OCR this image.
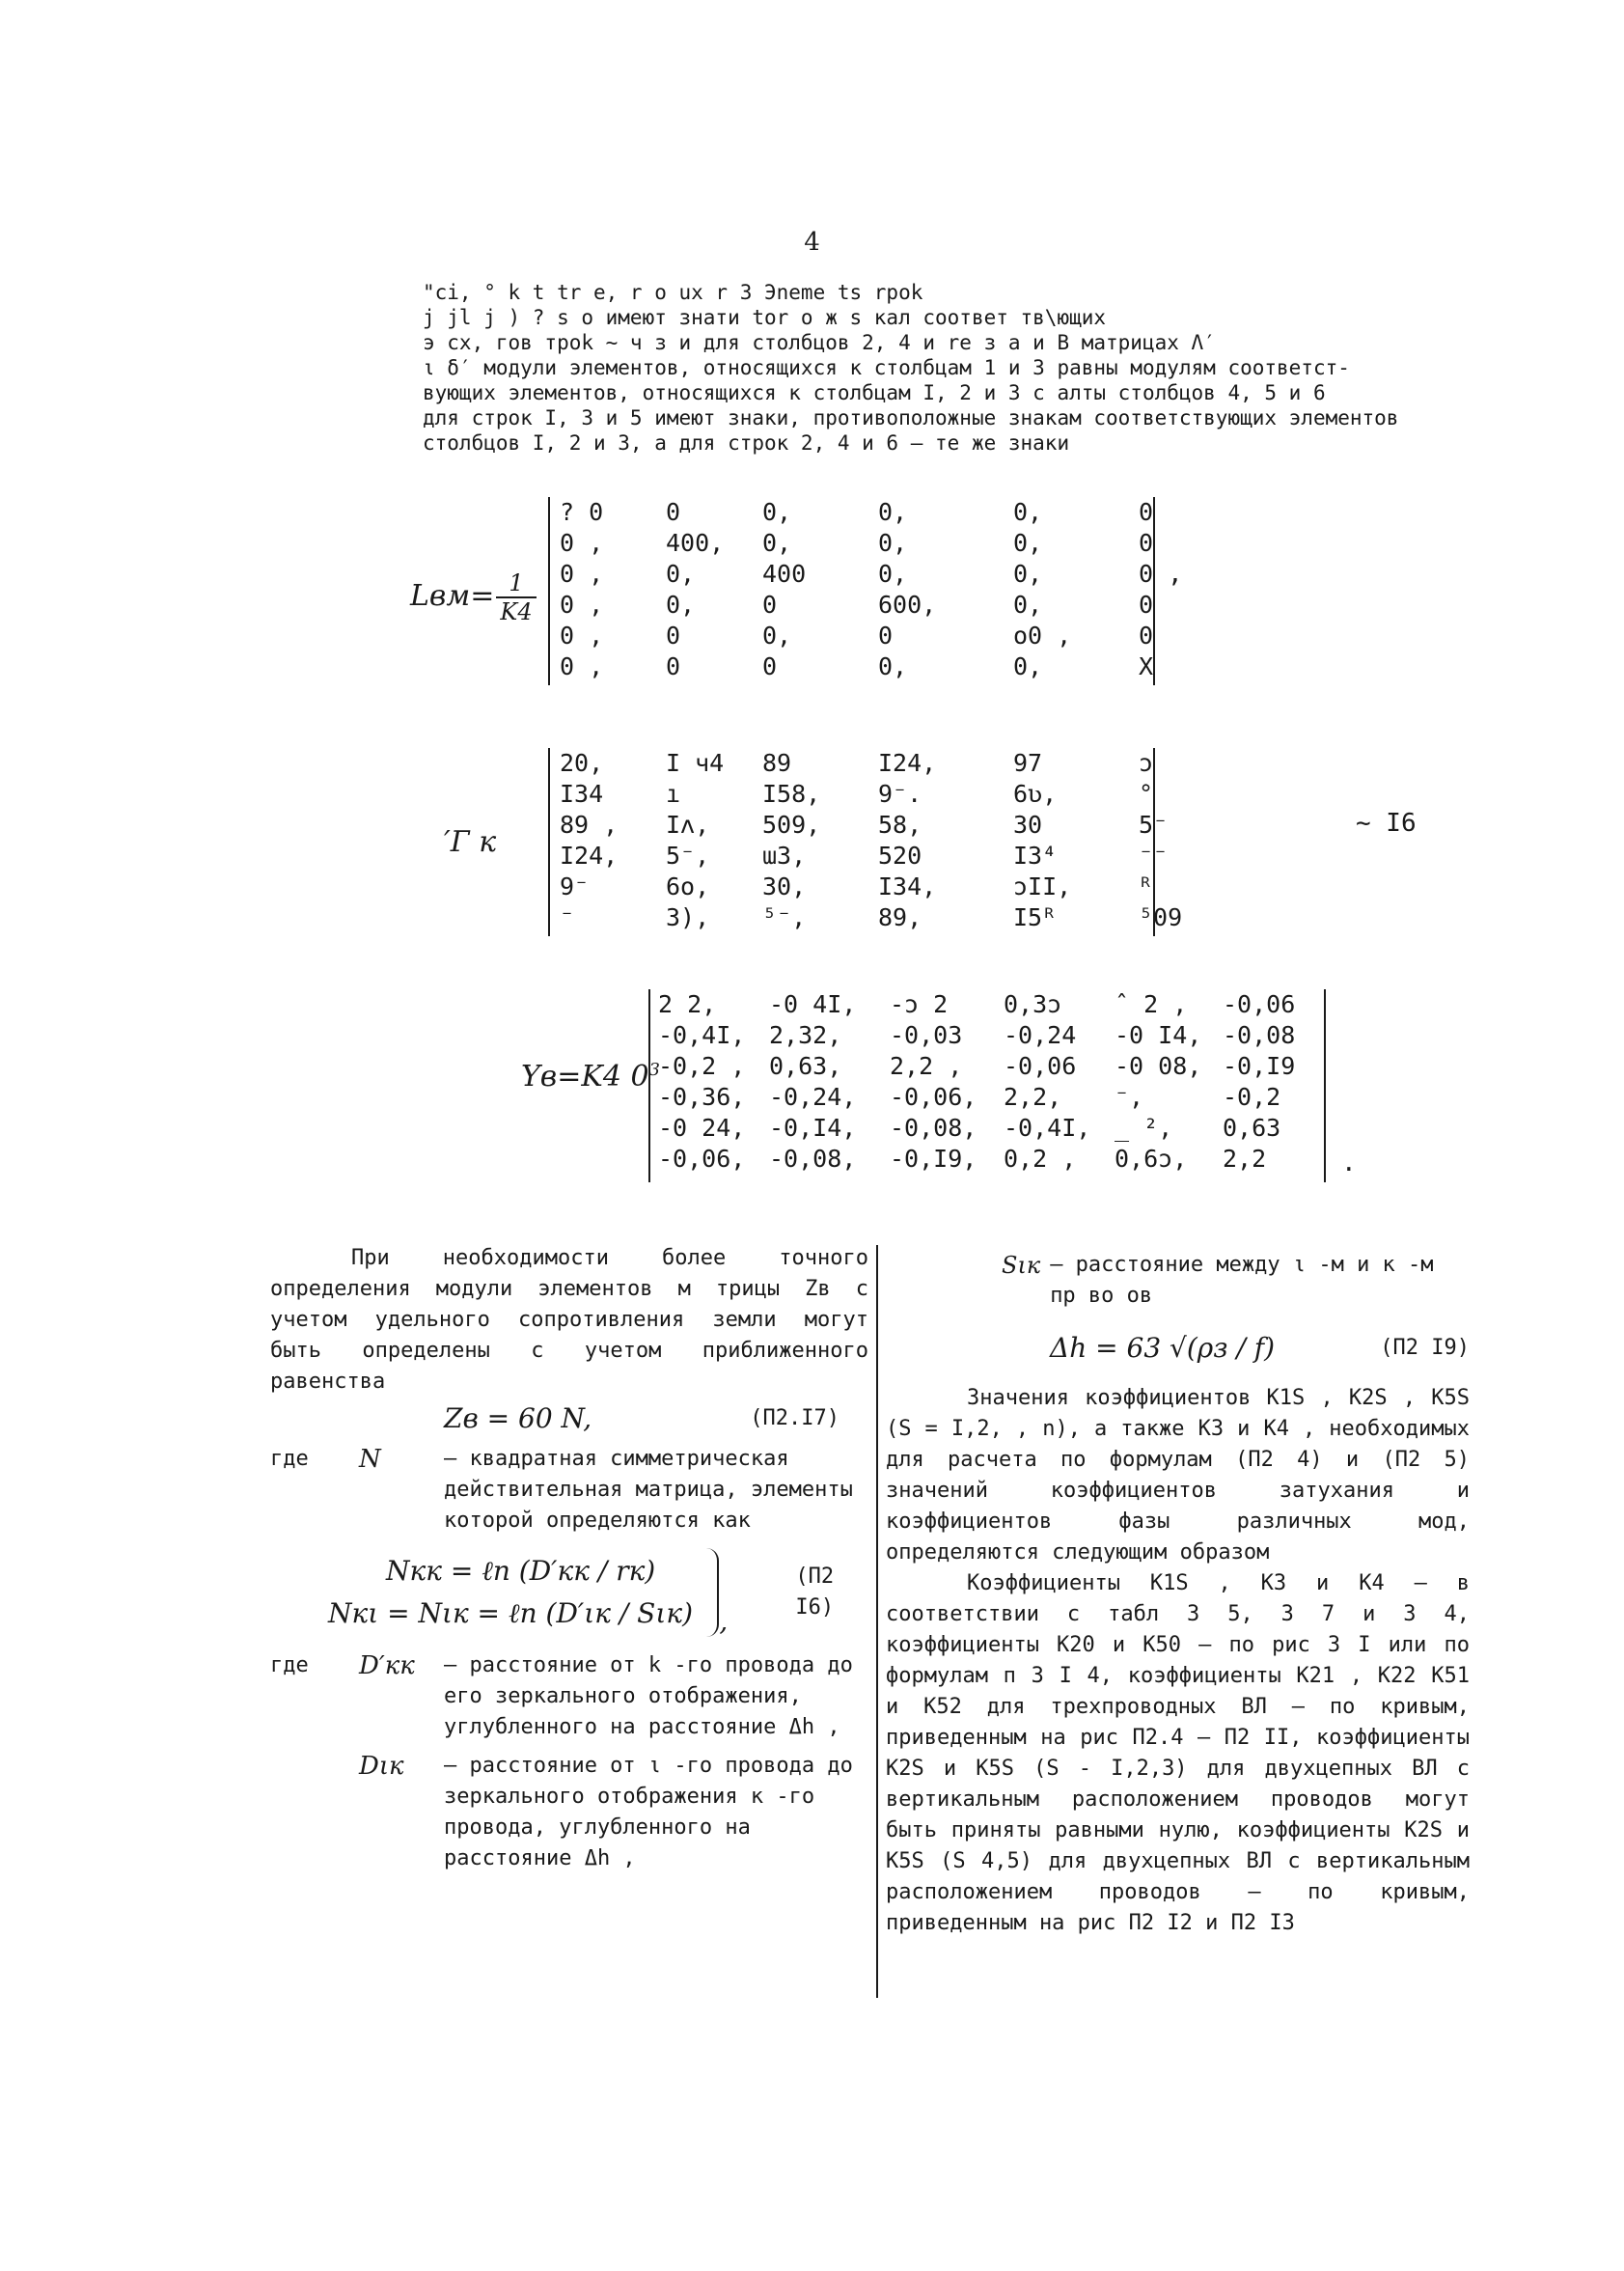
4
"ci, ° k t tr e, r o ux r 3 Эneme ts rpok
j jl j ) ? s o имеют знати tor o ж s кал соответ тв\ющих
э сх, гов троk ~ ч з и для столбцов 2, 4 и re з a и В матрицах Λ′
ι δ′ модули элементов, относящихся к столбцам 1 и 3 равны модулям соответст-
вующих элементов, относящихся к столбцам I, 2 и 3 с алты столбцов 4, 5 и 6
для строк I, 3 и 5 имеют знаки, противоположные знакам соответствующих элементов
столбцов I, 2 и 3, а для строк 2, 4 и 6 – те же знаки
$Lвм= \frac{1}{K4}$
? 0	0	0,	0,	0,	0
0 ,	400,	0,	0,	0,	0
0 ,	0,	400	0,	0,	0
0 ,	0,	0	600,	0,	0
0 ,	0	0,	0	o0 ,	0
0 ,	0	0	0,	0,	X
,
′Г к
20,	I ч4	89	I24,	97	ɔ
I34	ı	I58,	9⁻.	6ʋ,	°
89 ,	Iʌ,	509,	58,	30	5⁻
I24,	5⁻,	ɯ3,	520	I3⁴	⁻⁻
9⁻	6o,	30,	I34,	ɔII,	ᴿ
⁻	3),	⁵⁻,	89,	I5ᴿ	⁵09
~ I6
Yв=K4 $0^3$
2 2,	-0 4I,	-ɔ 2	0,3ɔ	ˆ 2 ,	-0,06
-0,4I, 2,32,	-0,03	-0,24	-0 I4, -0,08
-0,2 , 0,63,	2,2 ,	-0,06	-0 08, -0,I9
-0,36, -0,24,	-0,06,	2,2,	⁻,	-0,2
-0 24, -0,I4,	-0,08,	-0,4I, _ ²,	0,63
-0,06, -0,08,	-0,I9,	0,2 ,	0,6ɔ,	2,2	.
При необходимости более точного определения модули элементов м трицы Zв с учетом удельного сопротивления земли могут быть определены с учетом приближенного равенства
Zв = 60 N,	(П2.I7)
где	N	– квадратная симметрическая действительная матрица, элементы которой определяются как
Nкк = ℓn (D′кк / rк)
Nкι = Nιк = ℓn (D′ιк / Sιк) ,
(П2 I6)
где	D′кк	– расстояние от k -го провода до его зеркального отображения, углубленного на расстояние Δh ,
Dιк	– расстояние от ι -го провода до зеркального отображения к -го провода, углубленного на расстояние Δh ,
Sιк – расстояние между ι -м и к -м пр во ов
Δh = 63 √(ρз / f)	(П2 I9)
Значения коэффициентов K1S , K2S , K5S (S = I,2, , n), а также K3 и K4 , необходимых для расчета по формулам (П2 4) и (П2 5) значений коэффициентов затухания и коэффициентов фазы различных мод, определяются следующим образом
Коэффициенты K1S , K3 и K4 – в соответствии с табл 3 5, 3 7 и 3 4, коэффициенты K20 и K50 – по рис 3 I или по формулам п 3 I 4, коэффициенты K21 , K22 K51 и K52 для трехпроводных ВЛ – по кривым, приведенным на рис П2.4 – П2 II, коэффициенты K2S и K5S (S - I,2,3) для двухцепных ВЛ с вертикальным расположением проводов могут быть приняты равными нулю, коэффициенты K2S и K5S (S 4,5) для двухцепных ВЛ с вертикальным расположением проводов – по кривым, приведенным на рис П2 I2 и П2 I3
